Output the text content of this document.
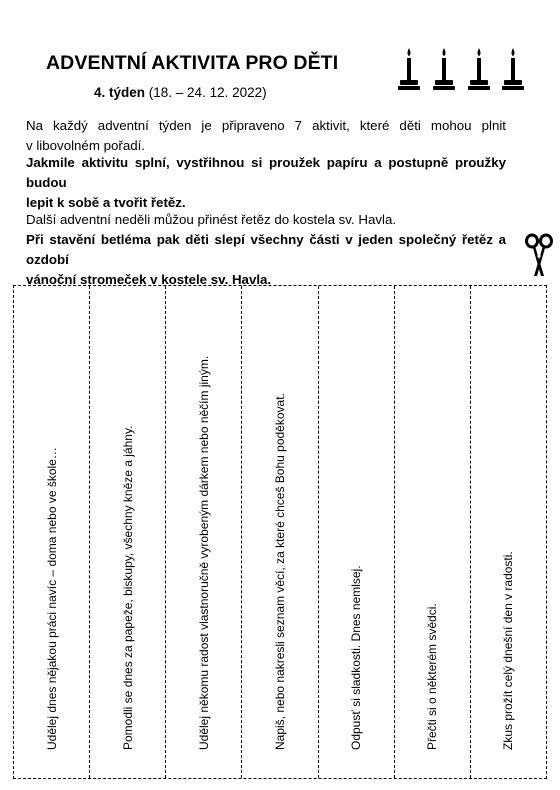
ADVENTNÍ AKTIVITA PRO DĚTI
4. týden (18. – 24. 12. 2022)
Na každý adventní týden je připraveno 7 aktivit, které děti mohou plnit
v libovolném pořadí.
Jakmile aktivitu splní, vystřihnou si proužek papíru a postupně proužky budou
lepit k sobě a tvořit řetěz.
Další adventní neděli můžou přinést řetěz do kostela sv. Havla.
Při stavění betléma pak děti slepí všechny části v jeden společný řetěz a ozdobí
vánoční stromeček v kostele sv. Havla.
Udělej dnes nějakou práci navíc – doma nebo ve škole…	Pomodli se dnes za papeže, biskupy, všechny kněze a jáhny.	Udělej někomu radost vlastnoručně vyrobeným dárkem nebo něčím jiným.	Napiš, nebo nakresli seznam věcí, za které chceš Bohu poděkovat.	Odpusť si sladkosti. Dnes nemlsej.	Přečti si o některém svědci.	Zkus prožít celý dnešní den v radosti.
